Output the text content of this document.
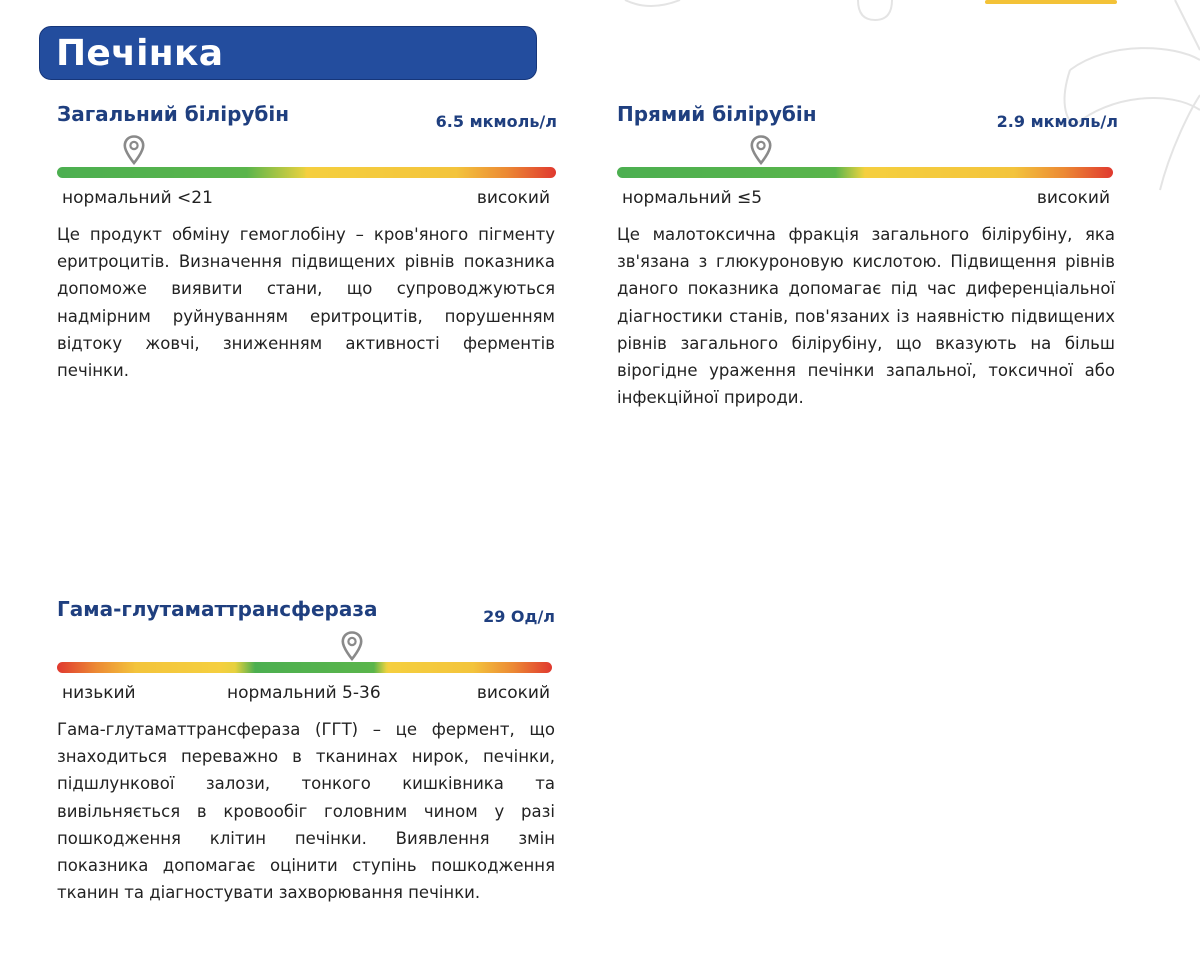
Печінка
Загальний білірубін	6.5 мкмоль/л
нормальний <21	високий

Це продукт обміну гемоглобіну – кров'яного пігменту еритроцитів. Визначення підвищених рівнів показника допоможе виявити стани, що супроводжуються надмірним руйнуванням еритроцитів, порушенням відтоку жовчі, зниженням активності ферментів печінки.

Прямий білірубін	2.9 мкмоль/л
нормальний ≤5	високий

Це малотоксична фракція загального білірубіну, яка зв'язана з глюкуроновую кислотою. Підвищення рівнів даного показника допомагає під час диференціальної діагностики станів, пов'язаних із наявністю підвищених рівнів загального білірубіну, що вказують на більш вірогідне ураження печінки запальної, токсичної або інфекційної природи.

Гама-глутаматтрансфераза	29 Од/л
низький	нормальний 5-36	високий

Гама-глутаматтрансфераза (ГГТ) – це фермент, що знаходиться переважно в тканинах нирок, печінки, підшлункової залози, тонкого кишківника та вивільняється в кровообіг головним чином у разі пошкодження клітин печінки. Виявлення змін показника допомагає оцінити ступінь пошкодження тканин та діагностувати захворювання печінки.
